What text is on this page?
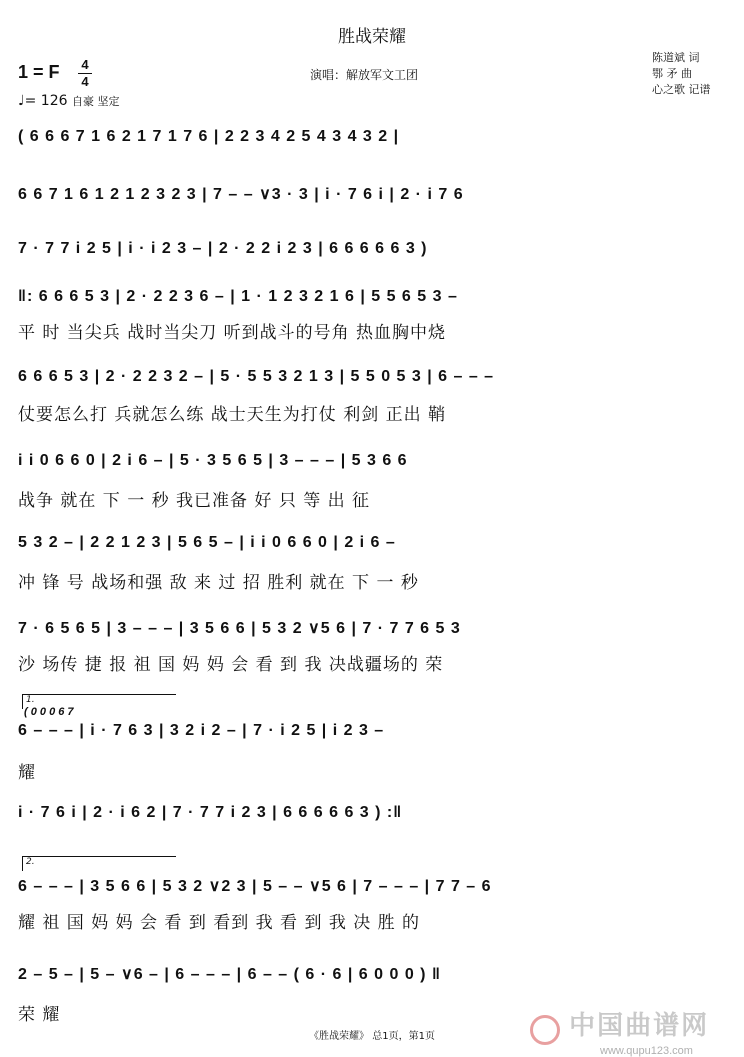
胜战荣耀
1 = F 4
4
♩= 126 自豪 坚定
演唱：解放军文工团
陈道斌 词
鄂 矛 曲
心之歌 记谱
( 6 6 6 7 1 6 2 1 7 1 7 6 | 2 2 3 4 2 5 4 3 4 3 2 |
6 6 7 1 6 1 2 1 2 3 2 3 | 7 – – ∨3 · 3 | i · 7 6 i | 2 · i 7 6
7 · 7 7 i 2 5 | i · i 2 3 – | 2 · 2 2 i 2 3 | 6 6 6 6 6 3 )
‖: 6 6 6 5 3 | 2 · 2 2 3 6 – | 1 · 1 2 3 2 1 6 | 5 5 6 5 3 –
平 时 当尖兵 战时当尖刀 听到战斗的号角 热血胸中烧
6 6 6 5 3 | 2 · 2 2 3 2 – | 5 · 5 5 3 2 1 3 | 5 5 0 5 3 | 6 – – –
仗要怎么打 兵就怎么练 战士天生为打仗 利剑 正出 鞘
i i 0 6 6 0 | 2 i 6 – | 5 · 3 5 6 5 | 3 – – – | 5 3 6 6
战争 就在 下 一 秒 我已准备 好 只 等 出 征
5 3 2 – | 2 2 1 2 3 | 5 6 5 – | i i 0 6 6 0 | 2 i 6 –
冲 锋 号 战场和强 敌 来 过 招 胜利 就在 下 一 秒
7 · 6 5 6 5 | 3 – – – | 3 5 6 6 | 5 3 2 ∨5 6 | 7 · 7 7 6 5 3
沙 场传 捷 报 祖 国 妈 妈 会 看 到 我 决战疆场的 荣
1.
( 0 0 0 6 7
6 – – – | i · 7 6 3 | 3 2 i 2 – | 7 · i 2 5 | i 2 3 –
耀
i · 7 6 i | 2 · i 6 2 | 7 · 7 7 i 2 3 | 6 6 6 6 6 3 ) :‖
2.
6 – – – | 3 5 6 6 | 5 3 2 ∨2 3 | 5 – – ∨5 6 | 7 – – – | 7 7 – 6
耀 祖 国 妈 妈 会 看 到 看到 我 看 到 我 决 胜 的
2 – 5 – | 5 – ∨6 – | 6 – – – | 6 – – ( 6 · 6 | 6 0 0 0 ) ‖
荣 耀	中国曲谱网
www.qupu123.com
《胜战荣耀》 总1页，第1页
